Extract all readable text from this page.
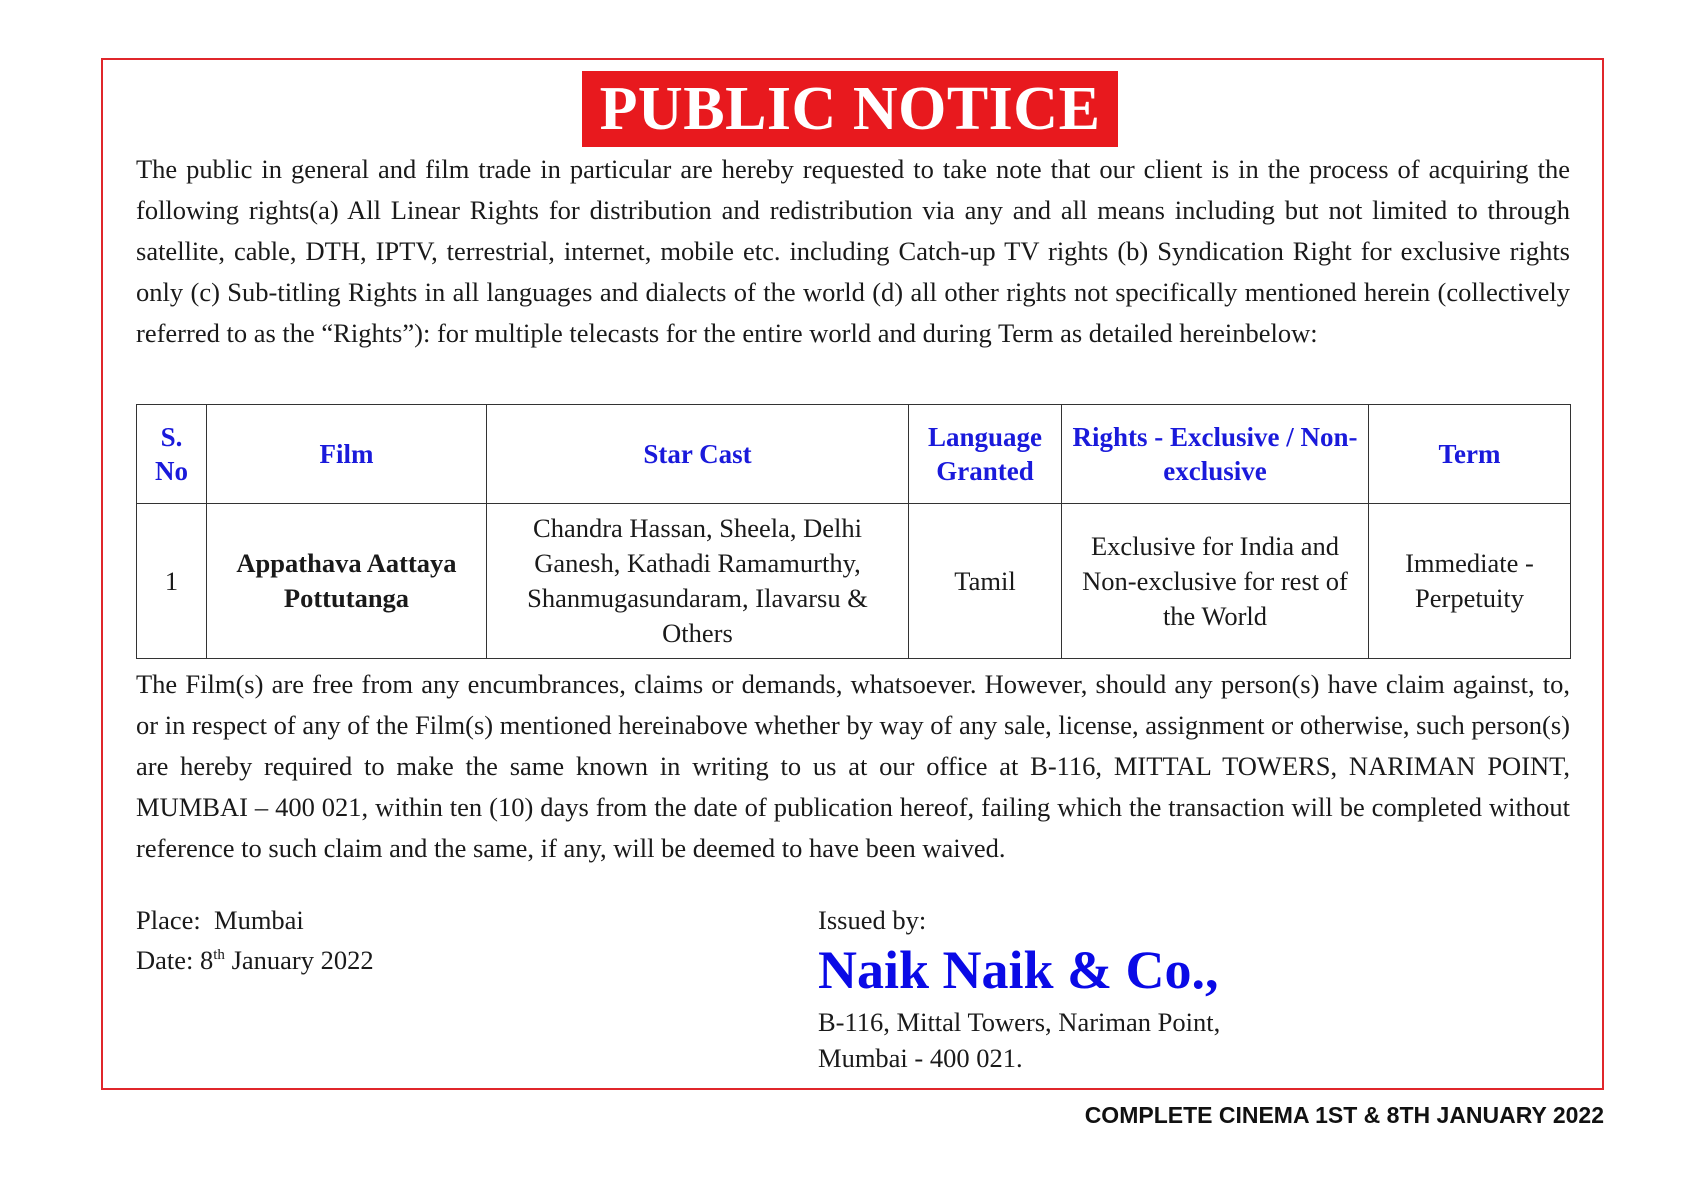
PUBLIC NOTICE
The public in general and film trade in particular are hereby requested to take note that our client is in the process of acquiring the following rights(a) All Linear Rights for distribution and redistribution via any and all means including but not limited to through satellite, cable, DTH, IPTV, terrestrial, internet, mobile etc. including Catch-up TV rights (b) Syndication Right for exclusive rights only (c) Sub-titling Rights in all languages and dialects of the world (d) all other rights not specifically mentioned herein (collectively referred to as the “Rights”): for multiple telecasts for the entire world and during Term as detailed hereinbelow:
S. No	Film	Star Cast	Language Granted	Rights - Exclusive / Non-exclusive	Term
1	Appathava Aattaya Pottutanga	Chandra Hassan, Sheela, Delhi Ganesh, Kathadi Ramamurthy, Shanmugasundaram, Ilavarsu & Others	Tamil	Exclusive for India and Non-exclusive for rest of the World	Immediate - Perpetuity
The Film(s) are free from any encumbrances, claims or demands, whatsoever. However, should any person(s) have claim against, to, or in respect of any of the Film(s) mentioned hereinabove whether by way of any sale, license, assignment or otherwise, such person(s) are hereby required to make the same known in writing to us at our office at B-116, MITTAL TOWERS, NARIMAN POINT, MUMBAI – 400 021, within ten (10) days from the date of publication hereof, failing which the transaction will be completed without reference to such claim and the same, if any, will be deemed to have been waived.
Place: Mumbai
Date: 8th January 2022
Issued by:
Naik Naik & Co.,
B-116, Mittal Towers, Nariman Point,
Mumbai - 400 021.
COMPLETE CINEMA 1ST & 8TH JANUARY 2022
